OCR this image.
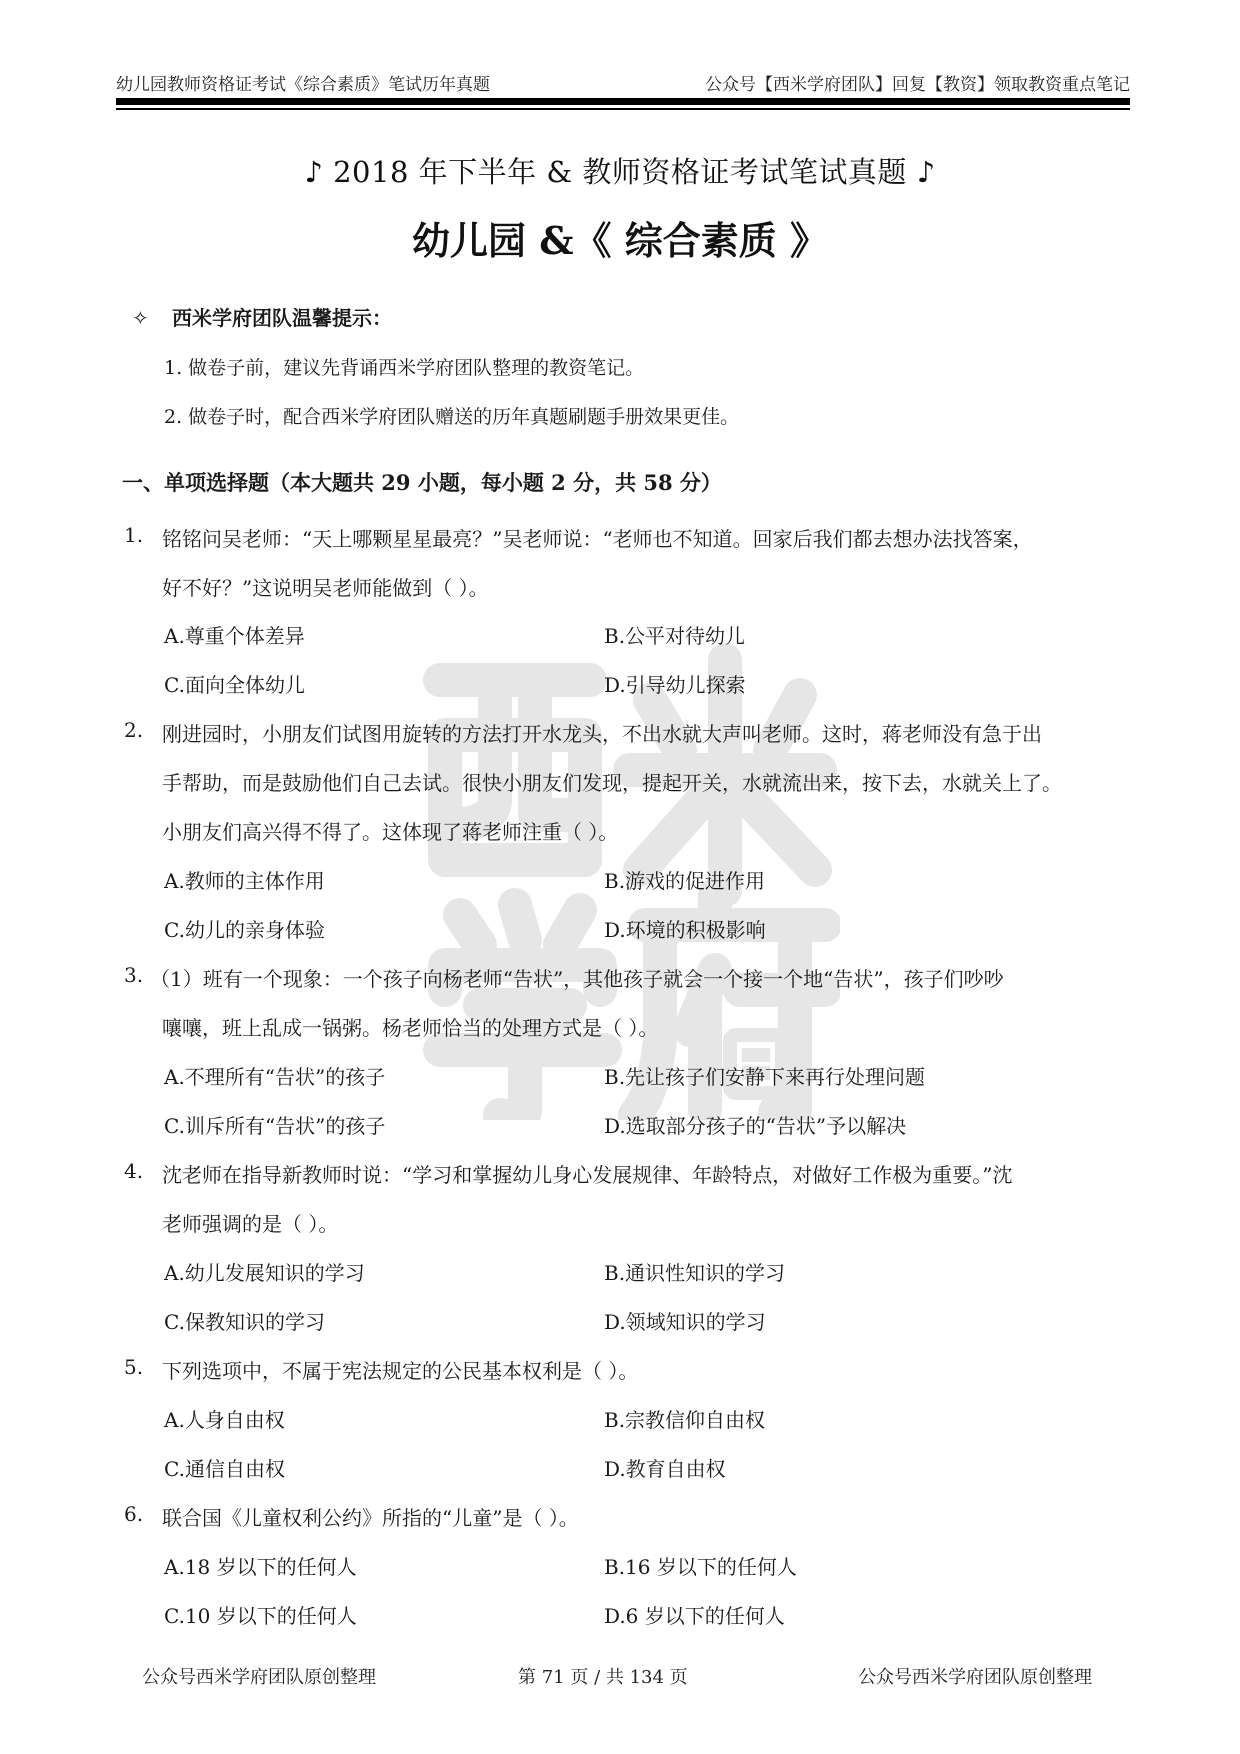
幼儿园教师资格证考试《综合素质》笔试历年真题	公众号【西米学府团队】回复【教资】领取教资重点笔记
♪ 2018 年下半年 & 教师资格证考试笔试真题 ♪
幼儿园 &《 综合素质 》
✧ 西米学府团队温馨提示：
1. 做卷子前，建议先背诵西米学府团队整理的教资笔记。
2. 做卷子时，配合西米学府团队赠送的历年真题刷题手册效果更佳。
一、单项选择题（本大题共 29 小题，每小题 2 分，共 58 分）
1. 铭铭问吴老师：“天上哪颗星星最亮？”吴老师说：“老师也不知道。回家后我们都去想办法找答案，
好不好？”这说明吴老师能做到（ ）。
A.尊重个体差异	B.公平对待幼儿
C.面向全体幼儿	D.引导幼儿探索
2. 刚进园时，小朋友们试图用旋转的方法打开水龙头，不出水就大声叫老师。这时，蒋老师没有急于出
手帮助，而是鼓励他们自己去试。很快小朋友们发现，提起开关，水就流出来，按下去，水就关上了。
小朋友们高兴得不得了。这体现了蒋老师注重（ ）。
A.教师的主体作用	B.游戏的促进作用
C.幼儿的亲身体验	D.环境的积极影响
3. （1）班有一个现象：一个孩子向杨老师“告状”，其他孩子就会一个接一个地“告状”，孩子们吵吵
嚷嚷，班上乱成一锅粥。杨老师恰当的处理方式是（ ）。
A.不理所有“告状”的孩子	B.先让孩子们安静下来再行处理问题
C.训斥所有“告状”的孩子	D.选取部分孩子的“告状”予以解决
4. 沈老师在指导新教师时说：“学习和掌握幼儿身心发展规律、年龄特点，对做好工作极为重要。”沈
老师强调的是（ ）。
A.幼儿发展知识的学习	B.通识性知识的学习
C.保教知识的学习	D.领域知识的学习
5. 下列选项中，不属于宪法规定的公民基本权利是（ ）。
A.人身自由权	B.宗教信仰自由权
C.通信自由权	D.教育自由权
6. 联合国《儿童权利公约》所指的“儿童”是（ ）。
A.18 岁以下的任何人	B.16 岁以下的任何人
C.10 岁以下的任何人	D.6 岁以下的任何人
公众号西米学府团队原创整理	第 71 页 / 共 134 页	公众号西米学府团队原创整理
